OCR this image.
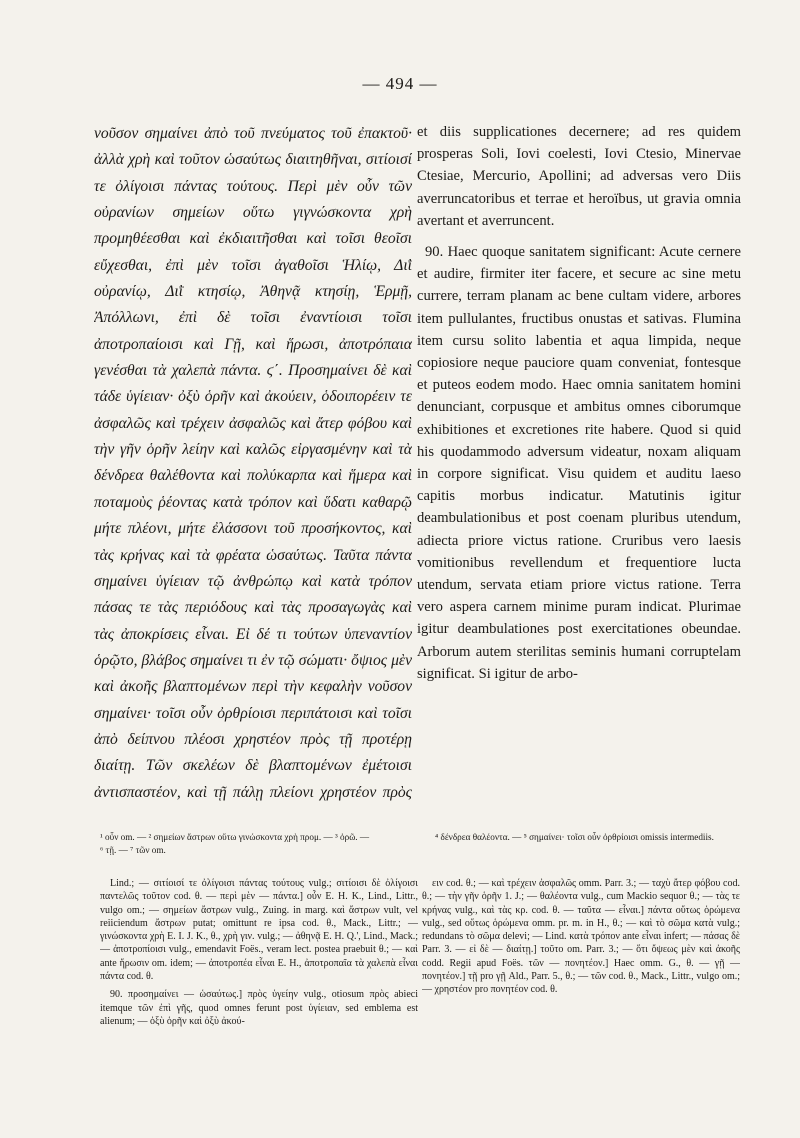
— 494 —

νοῦσον σημαίνει ἀπὸ τοῦ πνεύματος τοῦ ἐπακτοῦ· ἀλλὰ χρὴ καὶ τοῦτον ὡσαύτως διαιτηθῆναι, σιτίοισί τε ὀλίγοισι πάντας τούτους. Περὶ μὲν οὖν τῶν οὐρανίων σημείων οὕτω γιγνώσκοντα χρὴ προμηθέεσθαι καὶ ἐκδιαιτῆσθαι καὶ τοῖσι θεοῖσι εὔχεσθαι, ἐπὶ μὲν τοῖσι ἀγαθοῖσι Ἡλίῳ, Διῒ οὐρανίῳ, Διῒ κτησίῳ, Ἀθηνᾷ κτησίῃ, Ἑρμῇ, Ἀπόλλωνι, ἐπὶ δὲ τοῖσι ἐναντίοισι τοῖσι ἀποτροπαίοισι καὶ Γῇ, καὶ ἥρωσι, ἀποτρόπαια γενέσθαι τὰ χαλεπὰ πάντα. ϛ΄. Προσημαίνει δὲ καὶ τάδε ὑγίειαν· ὀξὺ ὁρῆν καὶ ἀκούειν, ὁδοιπορέειν τε ἀσφαλῶς καὶ τρέχειν ἀσφαλῶς καὶ ἄτερ φόβου καὶ τὴν γῆν ὁρῆν λείην καὶ καλῶς εἰργασμένην καὶ τὰ δένδρεα θαλέθοντα καὶ πολύκαρπα καὶ ἥμερα καὶ ποταμοὺς ῥέοντας κατὰ τρόπον καὶ ὕδατι καθαρῷ μήτε πλέονι, μήτε ἐλάσσονι τοῦ προσήκοντος, καὶ τὰς κρήνας καὶ τὰ φρέατα ὡσαύτως. Ταῦτα πάντα σημαίνει ὑγίειαν τῷ ἀνθρώπῳ καὶ κατὰ τρόπον πάσας τε τὰς περιόδους καὶ τὰς προσαγωγὰς καὶ τὰς ἀποκρίσεις εἶναι. Εἰ δέ τι τούτων ὑπεναντίον ὁρῷτο, βλάβος σημαίνει τι ἐν τῷ σώματι· ὄψιος μὲν καὶ ἀκοῆς βλαπτομένων περὶ τὴν κεφαλὴν νοῦσον σημαίνει· τοῖσι οὖν ὀρθρίοισι περιπάτοισι καὶ τοῖσι ἀπὸ δείπνου πλέοσι χρηστέον πρὸς τῇ προτέρῃ διαίτῃ. Τῶν σκελέων δὲ βλαπτομένων ἐμέτοισι ἀντισπαστέον, καὶ τῇ πάλῃ πλείονι χρηστέον πρὸς

et diis supplicationes decernere; ad res quidem prosperas Soli, Iovi coelesti, Iovi Ctesio, Minervae Ctesiae, Mercurio, Apollini; ad adversas vero Diis averruncatoribus et terrae et heroïbus, ut gravia omnia avertant et averruncent.

90. Haec quoque sanitatem significant: Acute cernere et audire, firmiter iter facere, et secure ac sine metu currere, terram planam ac bene cultam videre, arbores item pullulantes, fructibus onustas et sativas. Flumina item cursu solito labentia et aqua limpida, neque copiosiore neque pauciore quam conveniat, fontesque et puteos eodem modo. Haec omnia sanitatem homini denunciant, corpusque et ambitus omnes ciborumque exhibitiones et excretiones rite habere. Quod si quid his quodammodo adversum videatur, noxam aliquam in corpore significat. Visu quidem et auditu laeso capitis morbus indicatur. Matutinis igitur deambulationibus et post coenam pluribus utendum, adiecta priore victus ratione. Cruribus vero laesis vomitionibus revellendum et frequentiore lucta utendum, servata etiam priore victus ratione. Terra vero aspera carnem minime puram indicat. Plurimae igitur deambulationes post exercitationes obeundae. Arborum autem sterilitas seminis humani corruptelam significat. Si igitur de arbo-

¹ οὖν om. — ² σημείων ἄστρων οὕτω γινώσκοντα χρὴ προμ. — ³ ὀρῶ. —
⁶ τῇ. — ⁷ τῶν om.
⁴ δένδρεα θαλέοντα. — ⁵ σημαίνει· τοῖσι οὖν ὀρθρίοισι omissis intermediis.

Lind.; — σιτίοισί τε ὀλίγοισι πάντας τούτους vulg.; σιτίοισι δὲ ὀλίγοισι παντελῶς τοῦτον cod. θ. — περὶ μὲν — πάντα.] οὖν E. H. K., Lind., Littr., vulgo om.; — σημείων ἄστρων vulg., Zuing. in marg. καὶ ἄστρων vult, vel reiiciendum ἄστρων putat; omittunt re ipsa cod. θ., Mack., Littr.; — γινώσκοντα χρὴ E. I. J. K., θ., χρὴ γιν. vulg.; — ἀθηνᾷ E. H. Q.', Lind., Mack.; — ἀποτροπίοισι vulg., emendavit Foës., veram lect. postea praebuit θ.; — καὶ ante ἥρωσιν om. idem; — ἀποτροπέα εἶναι E. H., ἀποτροπαῖα τὰ χαλεπὰ εἶναι πάντα cod. θ.

90. προσημαίνει — ὡσαύτως.] πρὸς ὑγείην vulg., otiosum πρὸς abieci itemque τῶν ἐπὶ γῆς, quod omnes ferunt post ὑγίειαν, sed emblema est alienum; — ὀξὺ ὁρῆν καὶ ὀξὺ ἀκού-

ειν cod. θ.; — καὶ τρέχειν ἀσφαλῶς omm. Parr. 3.; — ταχὺ ἄτερ φόβου cod. θ.; — τὴν γῆν ὁρῆν 1. J.; — θαλέοντα vulg., cum Mackio sequor θ.; — τὰς τε κρήνας vulg., καὶ τὰς κρ. cod. θ. — ταῦτα — εἶναι.] πάντα οὕτως ὁρώμενα vulg., sed οὕτως ὁρώμενα omm. pr. m. in H., θ.; — καὶ τὸ σῶμα κατὰ vulg.; redundans τὸ σῶμα delevi; — Lind. κατὰ τρόπον ante εἶναι infert; — πάσας δὲ Parr. 3. — εἰ δὲ — διαίτῃ.] τοῦτο om. Parr. 3.; — ὅτι ὄψεως μὲν καὶ ἀκοῆς codd. Regii apud Foës. τῶν — πονητέον.] Haec omm. G., θ. — γῇ — πονητέον.] τῇ pro γῇ Ald., Parr. 5., θ.; — τῶν cod. θ., Mack., Littr., vulgo om.; — χρηστέον pro πονητέον cod. θ.
